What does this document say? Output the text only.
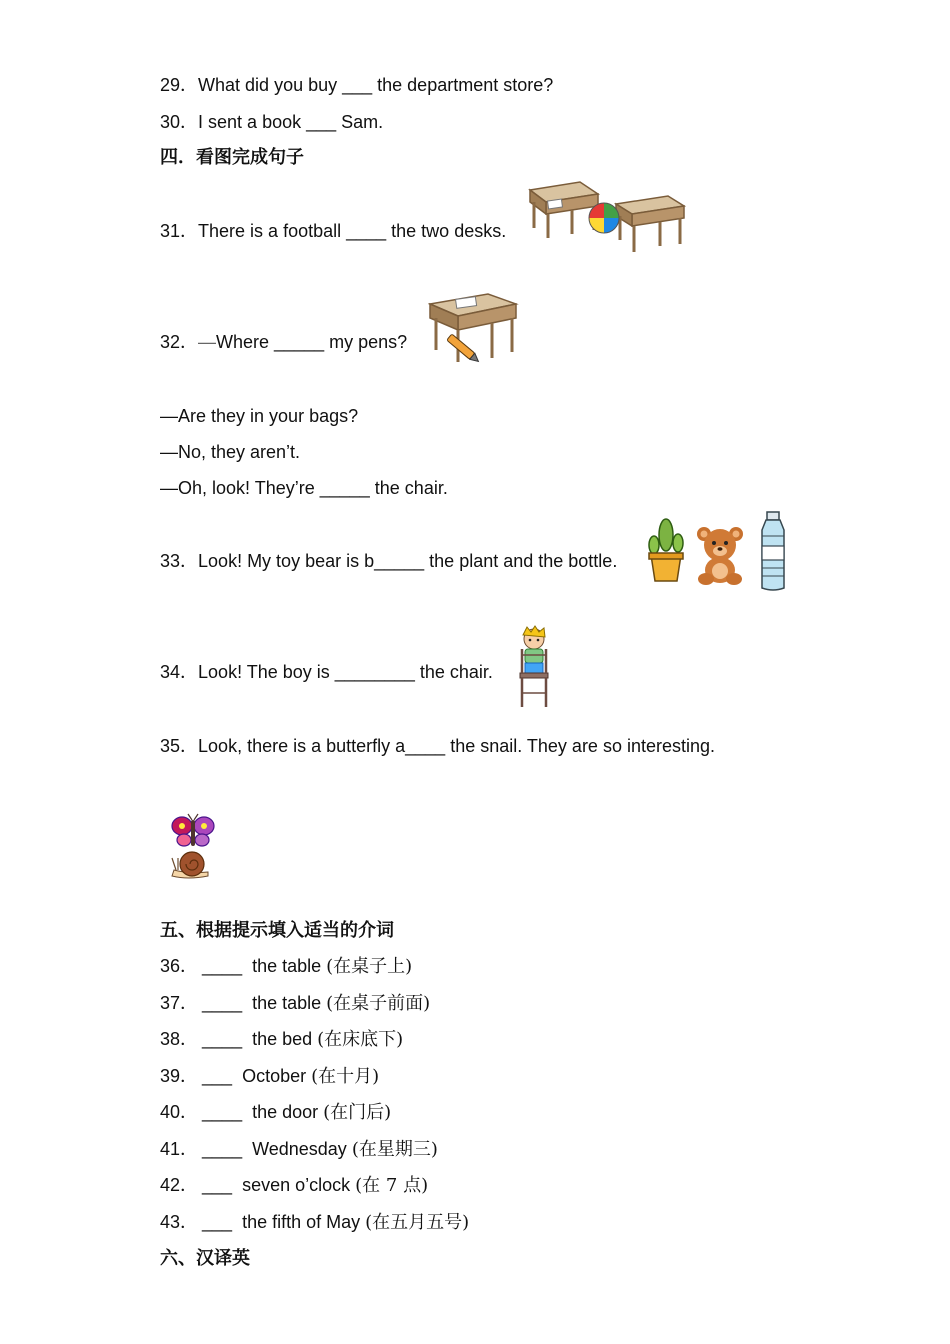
29．What did you buy ___ the department store?
30．I sent a book ___ Sam.
四．看图完成句子
31．There is a football ____ the two desks.
32．—Where _____ my pens?
—Are they in your bags?
—No, they aren’t.
—Oh, look! They’re _____ the chair.
33．Look! My toy bear is b_____ the plant and the bottle.
34．Look! The boy is ________ the chair.
35．Look, there is a butterfly a____ the snail. They are so interesting.
五、根据提示填入适当的介词
36． ____ the table (在桌子上)
37． ____ the table (在桌子前面)
38． ____ the bed (在床底下)
39． ___ October (在十月)
40． ____ the door (在门后)
41． ____ Wednesday (在星期三)
42． ___ seven o’clock (在 7 点)
43． ___ the fifth of May (在五月五号)
六、汉译英
